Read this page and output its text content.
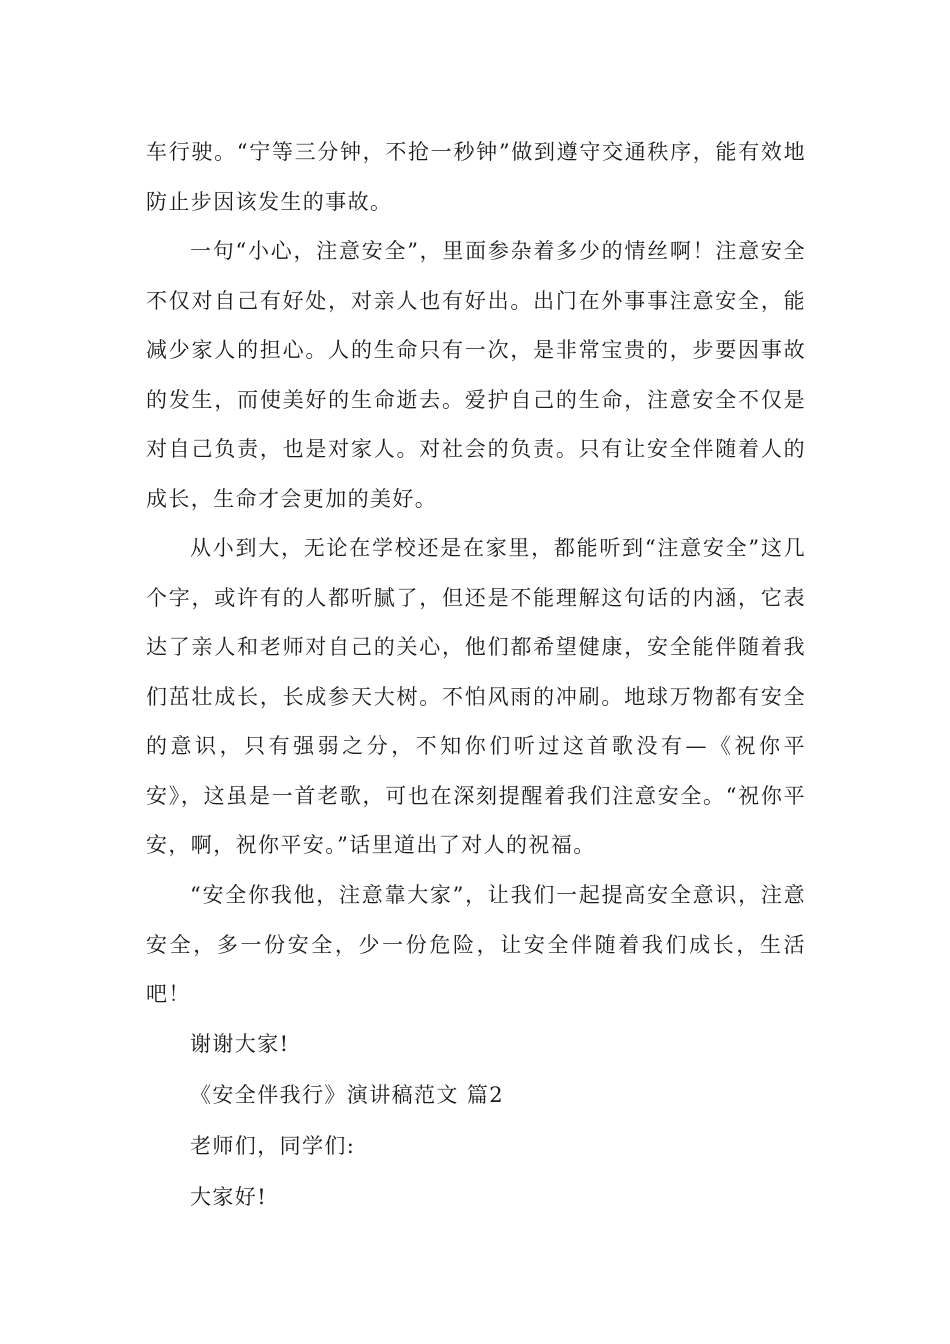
车行驶。“宁等三分钟，不抢一秒钟”做到遵守交通秩序，能有效地防止步因该发生的事故。

一句“小心，注意安全”，里面参杂着多少的情丝啊！注意安全不仅对自己有好处，对亲人也有好出。出门在外事事注意安全，能减少家人的担心。人的生命只有一次，是非常宝贵的，步要因事故的发生，而使美好的生命逝去。爱护自己的生命，注意安全不仅是对自己负责，也是对家人。对社会的负责。只有让安全伴随着人的成长，生命才会更加的美好。

从小到大，无论在学校还是在家里，都能听到“注意安全”这几个字，或许有的人都听腻了，但还是不能理解这句话的内涵，它表达了亲人和老师对自己的关心，他们都希望健康，安全能伴随着我们茁壮成长，长成参天大树。不怕风雨的冲刷。地球万物都有安全的意识，只有强弱之分，不知你们听过这首歌没有—《祝你平安》，这虽是一首老歌，可也在深刻提醒着我们注意安全。“祝你平安，啊，祝你平安。”话里道出了对人的祝福。

“安全你我他，注意靠大家”，让我们一起提高安全意识，注意安全，多一份安全，少一份危险，让安全伴随着我们成长，生活吧！

谢谢大家!

《安全伴我行》演讲稿范文 篇2

老师们，同学们:

大家好!
